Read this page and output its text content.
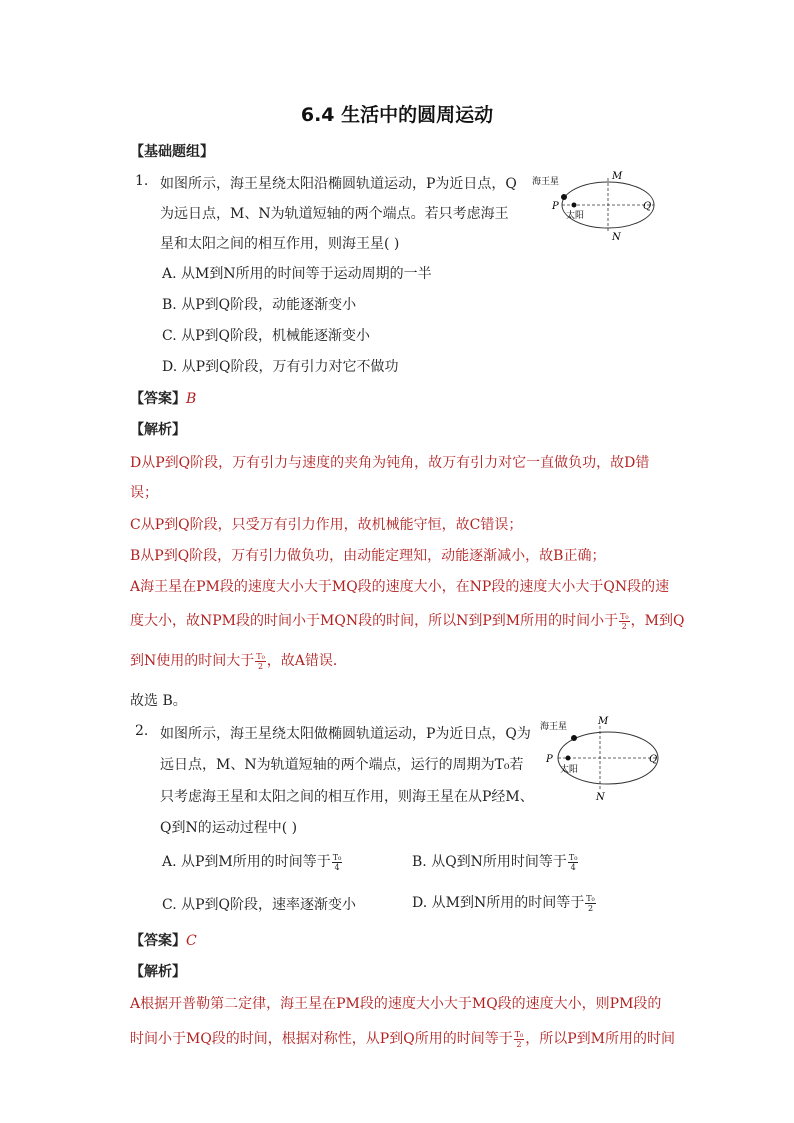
6.4 生活中的圆周运动
【基础题组】
1. 如图所示，海王星绕太阳沿椭圆轨道运动，P为近日点，Q
为远日点，M、N为轨道短轴的两个端点。若只考虑海王
星和太阳之间的相互作用，则海王星( )
海王星
太阳
P	Q
M
N
A. 从M到N所用的时间等于运动周期的一半
B. 从P到Q阶段，动能逐渐变小
C. 从P到Q阶段，机械能逐渐变小
D. 从P到Q阶段，万有引力对它不做功
【答案】B
【解析】
D从P到Q阶段，万有引力与速度的夹角为钝角，故万有引力对它一直做负功，故D错
误；
C从P到Q阶段，只受万有引力作用，故机械能守恒，故C错误；
B从P到Q阶段，万有引力做负功，由动能定理知，动能逐渐减小，故B正确；
A海王星在PM段的速度大小大于MQ段的速度大小，在NP段的速度大小大于QN段的速
度大小，故NPM段的时间小于MQN段的时间，所以N到P到M所用的时间小于 $\frac{\text{T₀}}{2}$ ，M到Q
到N使用的时间大于 $\frac{\text{T₀}}{2}$ ，故A错误．
故选 B。
2. 如图所示，海王星绕太阳做椭圆轨道运动，P为近日点，Q为
远日点，M、N为轨道短轴的两个端点，运行的周期为T₀若
只考虑海王星和太阳之间的相互作用，则海王星在从P经M、
Q到N的运动过程中( )
海王星
太阳
P	Q
M
N
A. 从P到M所用的时间等于 $\frac{\text{T₀}}{4}$	B. 从Q到N所用时间等于 $\frac{\text{T₀}}{4}$
C. 从P到Q阶段，速率逐渐变小	D. 从M到N所用的时间等于 $\frac{\text{T₀}}{2}$
【答案】C
【解析】
A根据开普勒第二定律，海王星在PM段的速度大小大于MQ段的速度大小，则PM段的
时间小于MQ段的时间，根据对称性，从P到Q所用的时间等于 $\frac{\text{T₀}}{2}$ ，所以P到M所用的时间
